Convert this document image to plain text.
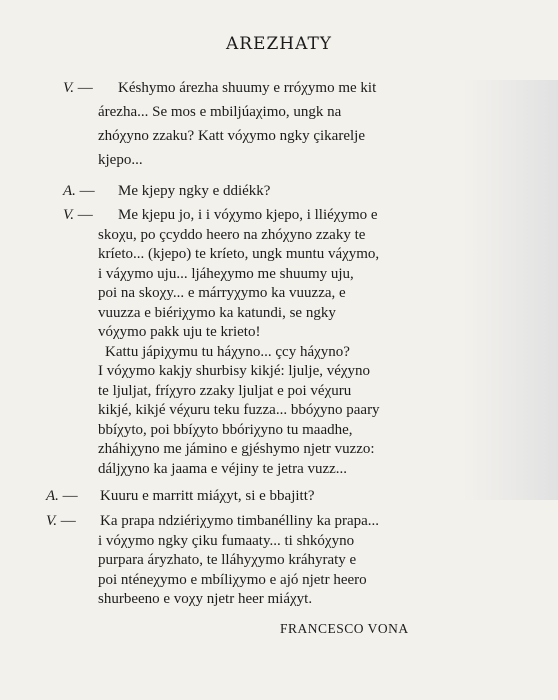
AREZHATY
V. — Késhymo árezha shuumy e rróχymo me kit
árezha... Se mos e mbiljúaχimo, ungk na
zhóχyno zzaku? Katt vóχymo ngky çikarelje
kjepo...
A. — Me kjepy ngky e ddiékk?
V. — Me kjepu jo, i i vóχymo kjepo, i lliéχymo e
skoχu, po çcyddo heero na zhóχyno zzaky te
kríeto... (kjepo) te kríeto, ungk muntu váχymo,
i váχymo uju... ljáheχymo me shuumy uju,
poi na skoχy... e márryχymo ka vuuzza, e
vuuzza e biériχymo ka katundi, se ngky
vóχymo pakk uju te krieto!
Kattu jápiχymu tu háχyno... çcy háχyno?
I vóχymo kakjy shurbisy kikjé: ljulje, véχyno
te ljuljat, fríχyro zzaky ljuljat e poi véχuru
kikjé, kikjé véχuru teku fuzza... bbóχyno paary
bbíχyto, poi bbíχyto bbóriχyno tu maadhe,
zháhiχyno me jámino e gjéshymo njetr vuzzo:
dáljχyno ka jaama e véjiny te jetra vuzz...
A. — Kuuru e marritt miáχyt, si e bbajitt?
V. — Ka prapa ndziériχymo timbanélliny ka prapa...
i vóχymo ngky çiku fumaaty... ti shkóχyno
purpara áryzhato, te lláhyχymo kráhyraty e
poi nténeχymo e mbíliχymo e ajó njetr heero
shurbeeno e voχy njetr heer miáχyt.
FRANCESCO VONA
